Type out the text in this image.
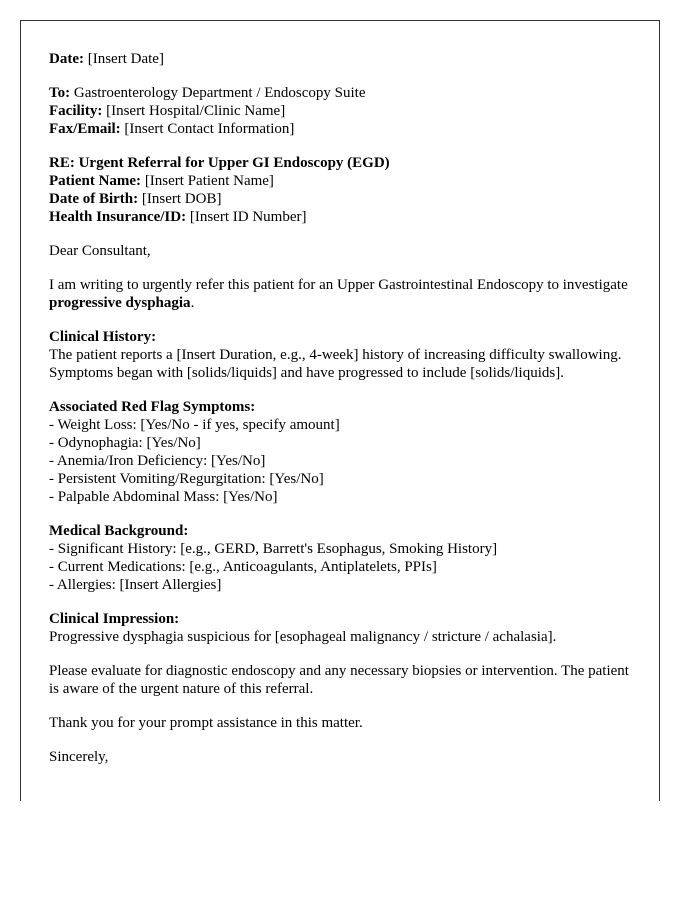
Date: [Insert Date]

To: Gastroenterology Department / Endoscopy Suite
Facility: [Insert Hospital/Clinic Name]
Fax/Email: [Insert Contact Information]

RE: Urgent Referral for Upper GI Endoscopy (EGD)
Patient Name: [Insert Patient Name]
Date of Birth: [Insert DOB]
Health Insurance/ID: [Insert ID Number]

Dear Consultant,

I am writing to urgently refer this patient for an Upper Gastrointestinal Endoscopy to investigate progressive dysphagia.

Clinical History:
The patient reports a [Insert Duration, e.g., 4-week] history of increasing difficulty swallowing. Symptoms began with [solids/liquids] and have progressed to include [solids/liquids].

Associated Red Flag Symptoms:
- Weight Loss: [Yes/No - if yes, specify amount]
- Odynophagia: [Yes/No]
- Anemia/Iron Deficiency: [Yes/No]
- Persistent Vomiting/Regurgitation: [Yes/No]
- Palpable Abdominal Mass: [Yes/No]

Medical Background:
- Significant History: [e.g., GERD, Barrett's Esophagus, Smoking History]
- Current Medications: [e.g., Anticoagulants, Antiplatelets, PPIs]
- Allergies: [Insert Allergies]

Clinical Impression:
Progressive dysphagia suspicious for [esophageal malignancy / stricture / achalasia].

Please evaluate for diagnostic endoscopy and any necessary biopsies or intervention. The patient is aware of the urgent nature of this referral.

Thank you for your prompt assistance in this matter.

Sincerely,
